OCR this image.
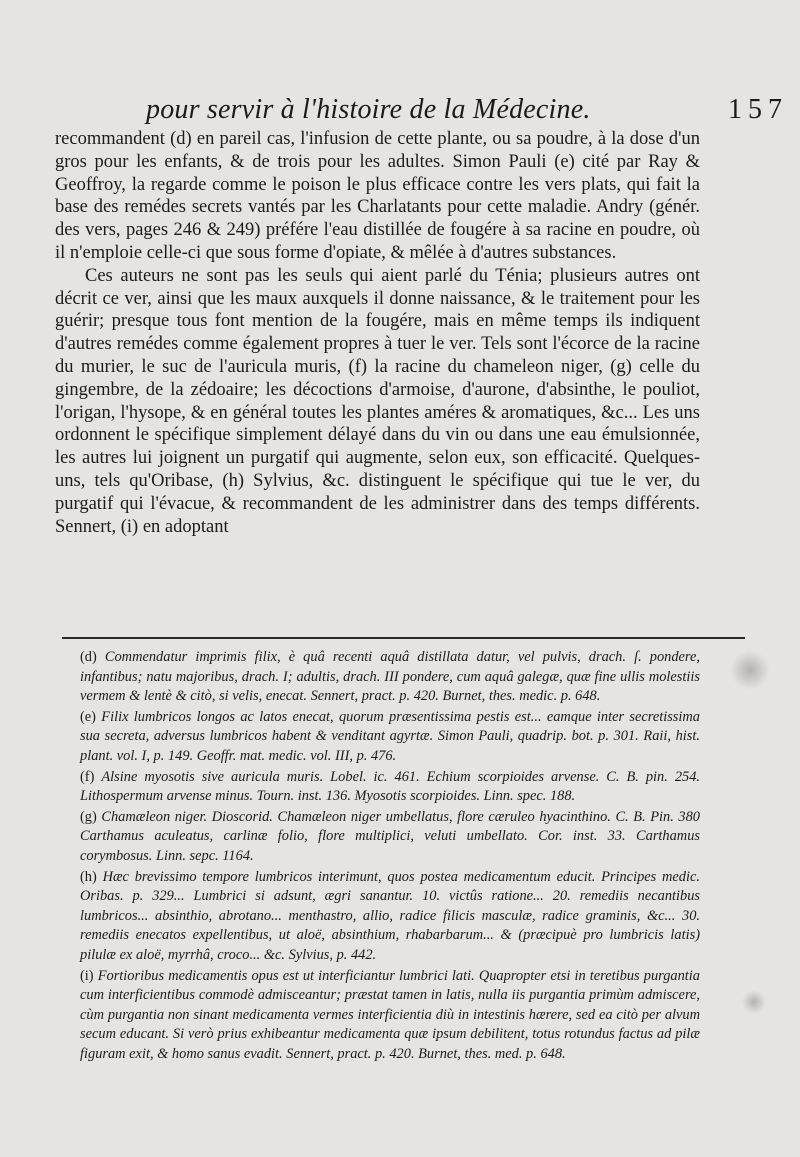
pour servir à l'histoire de la Médecine.	157

recommandent (d) en pareil cas, l'infusion de cette plante, ou sa poudre, à la dose d'un gros pour les enfants, & de trois pour les adultes. Simon Pauli (e) cité par Ray & Geoffroy, la regarde comme le poison le plus efficace contre les vers plats, qui fait la base des remédes secrets vantés par les Charlatants pour cette maladie. Andry (génér. des vers, pages 246 & 249) préfére l'eau distillée de fougére à sa racine en poudre, où il n'emploie celle-ci que sous forme d'opiate, & mêlée à d'autres substances.

Ces auteurs ne sont pas les seuls qui aient parlé du Ténia; plusieurs autres ont décrit ce ver, ainsi que les maux auxquels il donne naissance, & le traitement pour les guérir; presque tous font mention de la fougére, mais en même temps ils indiquent d'autres remédes comme également propres à tuer le ver. Tels sont l'écorce de la racine du murier, le suc de l'auricula muris, (f) la racine du chameleon niger, (g) celle du gingembre, de la zédoaire; les décoctions d'armoise, d'aurone, d'absinthe, le pouliot, l'origan, l'hysope, & en général toutes les plantes améres & aromatiques, &c... Les uns ordonnent le spécifique simplement délayé dans du vin ou dans une eau émulsionnée, les autres lui joignent un purgatif qui augmente, selon eux, son efficacité. Quelques-uns, tels qu'Oribase, (h) Sylvius, &c. distinguent le spécifique qui tue le ver, du purgatif qui l'évacue, & recommandent de les administrer dans des temps différents. Sennert, (i) en adoptant

(d) Commendatur imprimis filix, è quâ recenti aquâ distillata datur, vel pulvis, drach. ſ. pondere, infantibus; natu majoribus, drach. I; adultis, drach. III pondere, cum aquâ galegæ, quæ fine ullis molestiis vermem & lentè & citò, si velis, enecat. Sennert, pract. p. 420. Burnet, thes. medic. p. 648.

(e) Filix lumbricos longos ac latos enecat, quorum præsentissima pestis est... eamque inter secretissima sua secreta, adversus lumbricos habent & venditant agyrtæ. Simon Pauli, quadrip. bot. p. 301. Raii, hist. plant. vol. I, p. 149. Geoffr. mat. medic. vol. III, p. 476.

(f) Alsine myosotis sive auricula muris. Lobel. ic. 461. Echium scorpioides arvense. C. B. pin. 254. Lithospermum arvense minus. Tourn. inst. 136. Myosotis scorpioides. Linn. spec. 188.

(g) Chamæleon niger. Dioscorid. Chamæleon niger umbellatus, flore cæruleo hyacinthino. C. B. Pin. 380 Carthamus aculeatus, carlinæ folio, flore multiplici, veluti umbellato. Cor. inst. 33. Carthamus corymbosus. Linn. sepc. 1164.

(h) Hæc brevissimo tempore lumbricos interimunt, quos postea medicamentum educit. Principes medic. Oribas. p. 329... Lumbrici si adsunt, ægri sanantur. 10. victûs ratione... 20. remediis necantibus lumbricos... absinthio, abrotano... menthastro, allio, radice filicis masculæ, radice graminis, &c... 30. remediis enecatos expellentibus, ut aloë, absinthium, rhabarbarum... & (præcipuè pro lumbricis latis) pilulæ ex aloë, myrrhâ, croco... &c. Sylvius, p. 442.

(i) Fortioribus medicamentis opus est ut interficiantur lumbrici lati. Quapropter etsi in teretibus purgantia cum interficientibus commodè admisceantur; præstat tamen in latis, nulla iis purgantia primùm admiscere, cùm purgantia non sinant medicamenta vermes interficientia diù in intestinis hærere, sed ea citò per alvum secum educant. Si verò prius exhibeantur medicamenta quæ ipsum debilitent, totus rotundus factus ad pilæ figuram exit, & homo sanus evadit. Sennert, pract. p. 420. Burnet, thes. med. p. 648.
